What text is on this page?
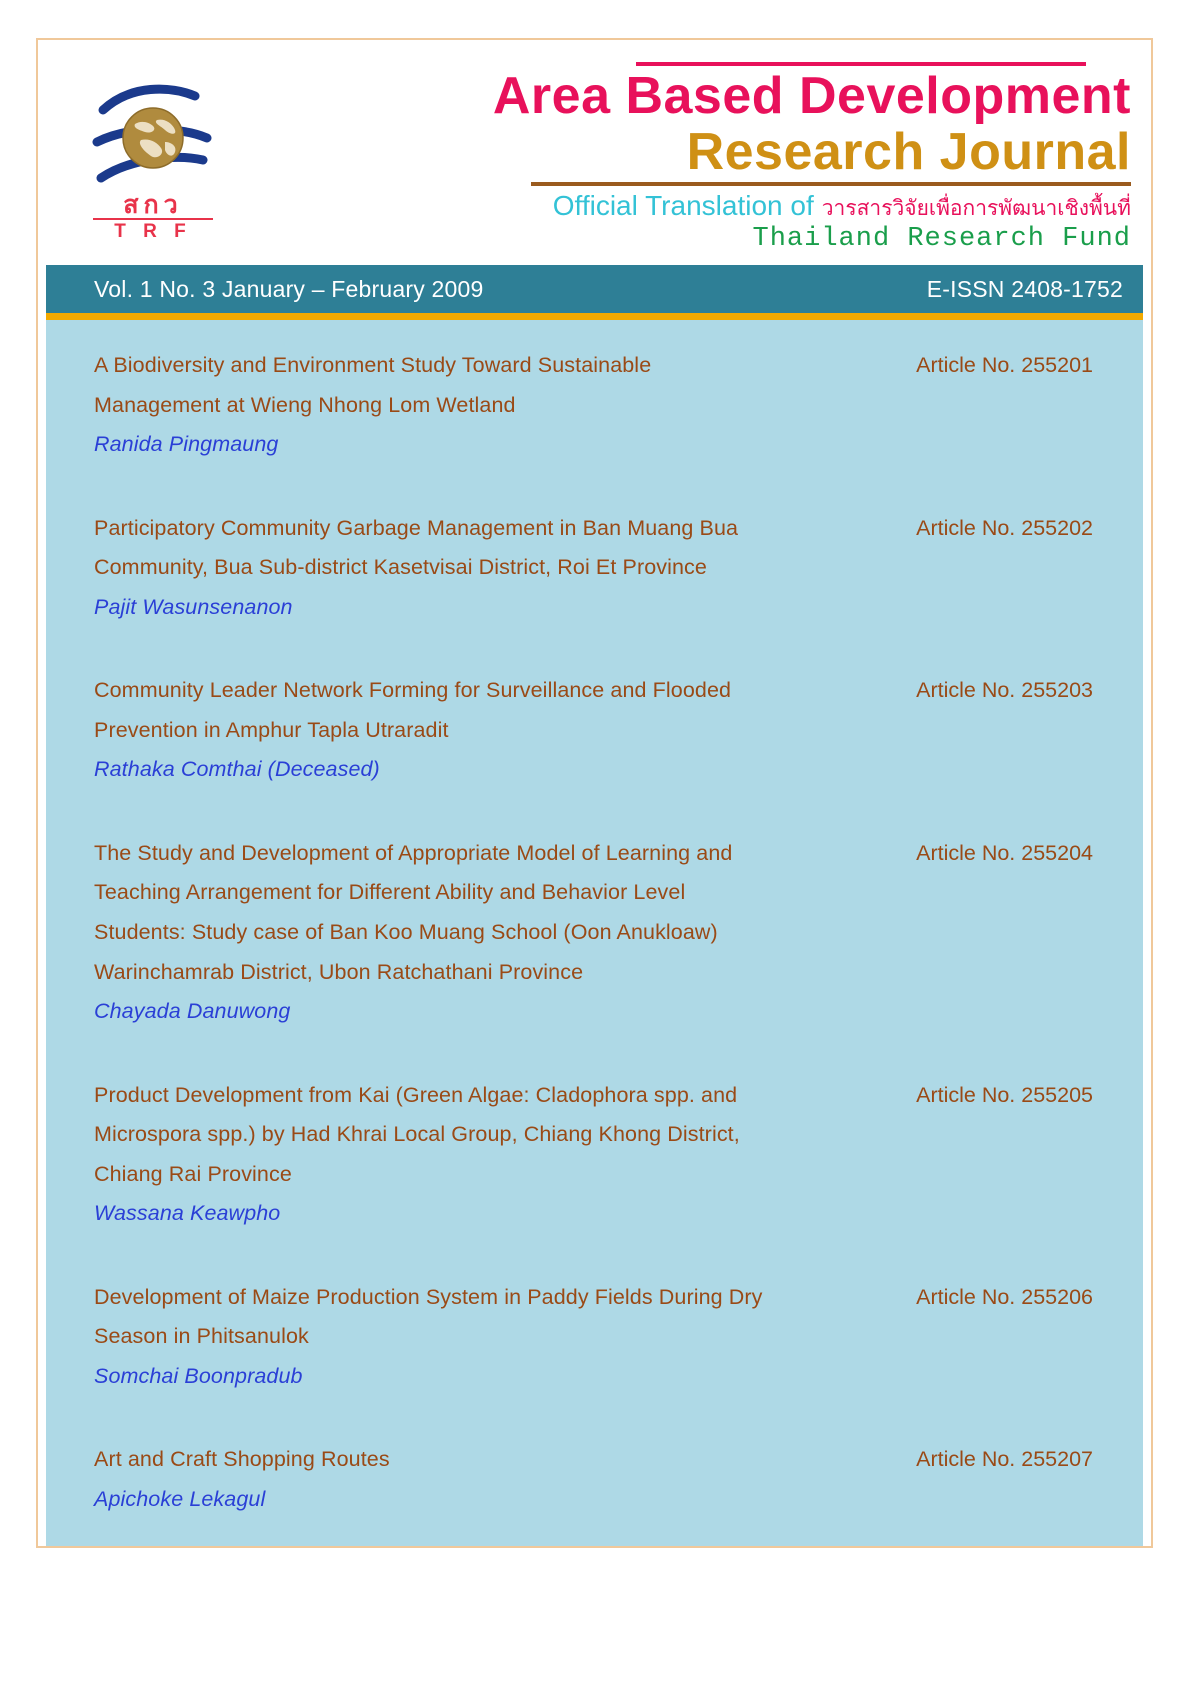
สกว
T R F
Area Based Development
Research Journal
Official Translation of วารสารวิจัยเพื่อการพัฒนาเชิงพื้นที่
Thailand Research Fund
Vol. 1 No. 3 January – February 2009	E-ISSN 2408-1752
A Biodiversity and Environment Study Toward Sustainable
Management at Wieng Nhong Lom Wetland
Ranida Pingmaung
Article No. 255201
Participatory Community Garbage Management in Ban Muang Bua
Community, Bua Sub-district Kasetvisai District, Roi Et Province
Pajit Wasunsenanon
Article No. 255202
Community Leader Network Forming for Surveillance and Flooded
Prevention in Amphur Tapla Utraradit
Rathaka Comthai (Deceased)
Article No. 255203
The Study and Development of Appropriate Model of Learning and
Teaching Arrangement for Different Ability and Behavior Level
Students: Study case of Ban Koo Muang School (Oon Anukloaw)
Warinchamrab District, Ubon Ratchathani Province
Chayada Danuwong
Article No. 255204
Product Development from Kai (Green Algae: Cladophora spp. and
Microspora spp.) by Had Khrai Local Group, Chiang Khong District,
Chiang Rai Province
Wassana Keawpho
Article No. 255205
Development of Maize Production System in Paddy Fields During Dry
Season in Phitsanulok
Somchai Boonpradub
Article No. 255206
Art and Craft Shopping Routes
Apichoke Lekagul
Article No. 255207
